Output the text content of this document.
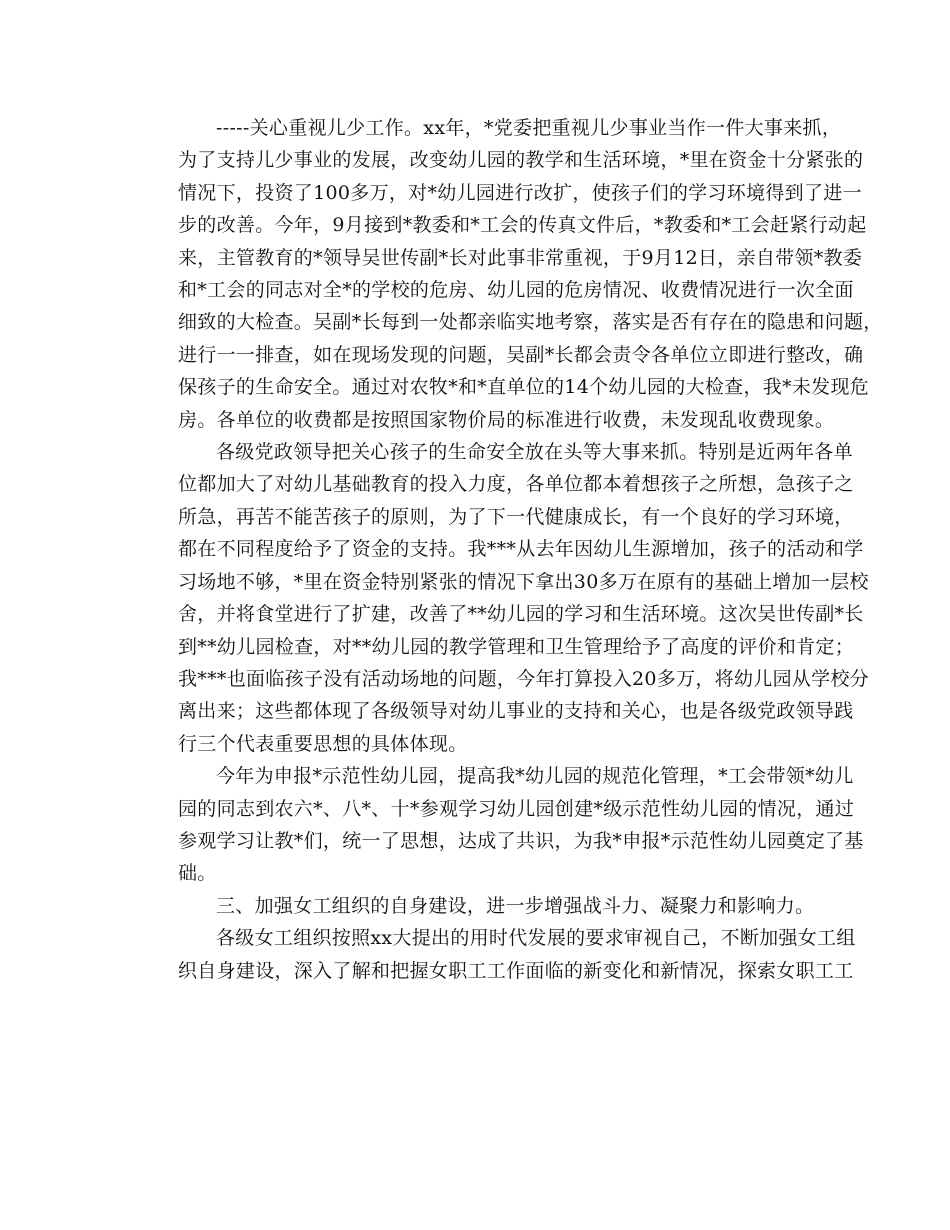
-----关心重视儿少工作。xx年，*党委把重视儿少事业当作一件大事来抓，
为了支持儿少事业的发展，改变幼儿园的教学和生活环境，*里在资金十分紧张的
情况下，投资了100多万，对*幼儿园进行改扩，使孩子们的学习环境得到了进一
步的改善。今年，9月接到*教委和*工会的传真文件后，*教委和*工会赶紧行动起
来，主管教育的*领导吴世传副*长对此事非常重视，于9月12日，亲自带领*教委
和*工会的同志对全*的学校的危房、幼儿园的危房情况、收费情况进行一次全面
细致的大检查。吴副*长每到一处都亲临实地考察，落实是否有存在的隐患和问题，
进行一一排查，如在现场发现的问题，吴副*长都会责令各单位立即进行整改，确
保孩子的生命安全。通过对农牧*和*直单位的14个幼儿园的大检查，我*未发现危
房。各单位的收费都是按照国家物价局的标准进行收费，未发现乱收费现象。
各级党政领导把关心孩子的生命安全放在头等大事来抓。特别是近两年各单
位都加大了对幼儿基础教育的投入力度，各单位都本着想孩子之所想，急孩子之
所急，再苦不能苦孩子的原则，为了下一代健康成长，有一个良好的学习环境，
都在不同程度给予了资金的支持。我***从去年因幼儿生源增加，孩子的活动和学
习场地不够，*里在资金特别紧张的情况下拿出30多万在原有的基础上增加一层校
舍，并将食堂进行了扩建，改善了**幼儿园的学习和生活环境。这次吴世传副*长
到**幼儿园检查，对**幼儿园的教学管理和卫生管理给予了高度的评价和肯定；
我***也面临孩子没有活动场地的问题，今年打算投入20多万，将幼儿园从学校分
离出来；这些都体现了各级领导对幼儿事业的支持和关心，也是各级党政领导践
行三个代表重要思想的具体体现。
今年为申报*示范性幼儿园，提高我*幼儿园的规范化管理，*工会带领*幼儿
园的同志到农六*、八*、十*参观学习幼儿园创建*级示范性幼儿园的情况，通过
参观学习让教*们，统一了思想，达成了共识，为我*申报*示范性幼儿园奠定了基
础。
三、加强女工组织的自身建设，进一步增强战斗力、凝聚力和影响力。
各级女工组织按照xx大提出的用时代发展的要求审视自己，不断加强女工组
织自身建设，深入了解和把握女职工工作面临的新变化和新情况，探索女职工工
